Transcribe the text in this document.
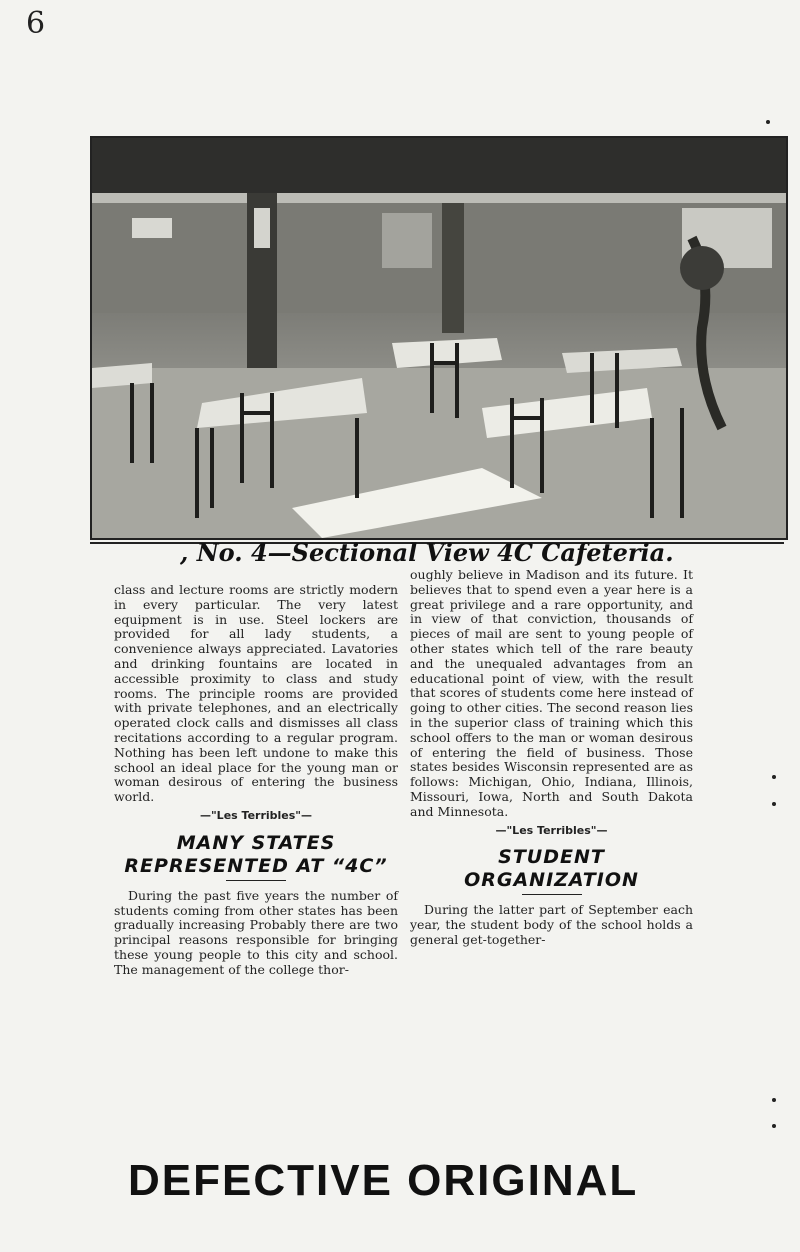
6
, No. 4—Sectional View 4C Cafeteria.

class and lecture rooms are strictly modern in every particular. The very latest equipment is in use. Steel lockers are provided for all lady students, a convenience always appreciated. Lavatories and drinking fountains are located in accessible proximity to class and study rooms. The principle rooms are provided with private telephones, and an electrically operated clock calls and dismisses all class recitations according to a regular program. Nothing has been left undone to make this school an ideal place for the young man or woman desirous of entering the business world.

—"Les Terribles"—
MANY STATES REPRESENTED AT “4C”

During the past five years the number of students coming from other states has been gradually increasing Probably there are two principal reasons responsible for bringing these young people to this city and school. The management of the college thor-

oughly believe in Madison and its future. It believes that to spend even a year here is a great privilege and a rare opportunity, and in view of that conviction, thousands of pieces of mail are sent to young people of other states which tell of the rare beauty and the unequaled advantages from an educational point of view, with the result that scores of students come here instead of going to other cities. The second reason lies in the superior class of training which this school offers to the man or woman desirous of entering the field of business. Those states besides Wisconsin represented are as follows: Michigan, Ohio, Indiana, Illinois, Missouri, Iowa, North and South Dakota and Minnesota.

—"Les Terribles"—
STUDENT ORGANIZATION

During the latter part of September each year, the student body of the school holds a general get-together-

DEFECTIVE ORIGINAL
